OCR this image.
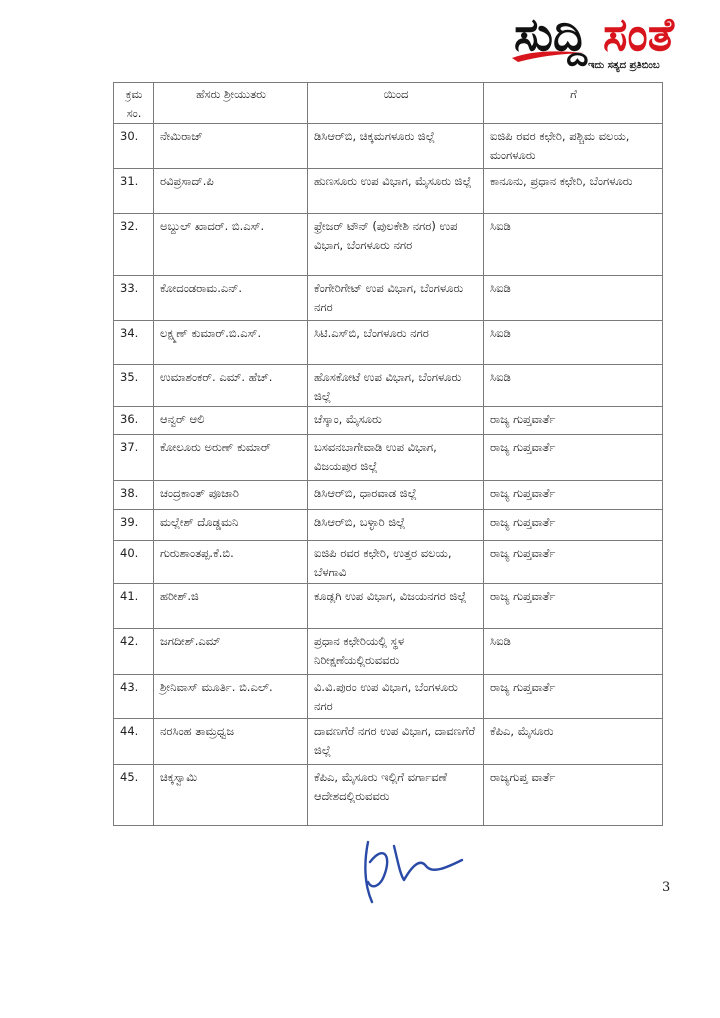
ಸುದ್ದಿ ಸಂತೆ
ಇದು ಸತ್ಯದ ಪ್ರತಿಬಿಂಬ
ಕ್ರಮ ಸಂ.	ಹೆಸರು ಶ್ರೀಯುತರು	ಯಿಂದ	ಗೆ
30.	ನೇಮಿರಾಜ್	ಡಿಸಿಆರ್‌ಬಿ, ಚಿಕ್ಕಮಗಳೂರು ಜಿಲ್ಲೆ	ಐಜಿಪಿ ರವರ ಕಛೇರಿ, ಪಶ್ಚಿಮ ವಲಯ, ಮಂಗಳೂರು
31.	ರವಿಪ್ರಸಾದ್.ಪಿ	ಹುಣಸೂರು ಉಪ ವಿಭಾಗ, ಮೈಸೂರು ಜಿಲ್ಲೆ	ಕಾನೂನು, ಪ್ರಧಾನ ಕಛೇರಿ, ಬೆಂಗಳೂರು
32.	ಅಬ್ದುಲ್ ಖಾದರ್. ಬಿ.ಎಸ್.	ಫ್ರೇಜರ್ ಟೌನ್ (ಪುಲಕೇಶಿ ನಗರ) ಉಪ ವಿಭಾಗ, ಬೆಂಗಳೂರು ನಗರ	ಸಿಐಡಿ
33.	ಕೋದಂಡರಾಮ.ಎನ್.	ಕೆಂಗೇರಿಗೇಟ್ ಉಪ ವಿಭಾಗ, ಬೆಂಗಳೂರು ನಗರ	ಸಿಐಡಿ
34.	ಲಕ್ಷ್ಮಣ್ ಕುಮಾರ್.ಬಿ.ಎಸ್.	ಸಿಟಿ.ಎಸ್‌ಬಿ, ಬೆಂಗಳೂರು ನಗರ	ಸಿಐಡಿ
35.	ಉಮಾಶಂಕರ್. ಎಮ್. ಹೆಚ್.	ಹೊಸಕೋಟೆ ಉಪ ವಿಭಾಗ, ಬೆಂಗಳೂರು ಜಿಲ್ಲೆ	ಸಿಐಡಿ
36.	ಆನ್ವರ್ ಆಲಿ	ಚೆಸ್ಕಾಂ, ಮೈಸೂರು	ರಾಜ್ಯ ಗುಪ್ತವಾರ್ತೆ
37.	ಕೋಲೂರು ಅರುಣ್ ಕುಮಾರ್	ಬಸವನಬಾಗೇವಾಡಿ ಉಪ ವಿಭಾಗ, ವಿಜಯಪುರ ಜಿಲ್ಲೆ	ರಾಜ್ಯ ಗುಪ್ತವಾರ್ತೆ
38.	ಚಂದ್ರಕಾಂತ್ ಪೂಜಾರಿ	ಡಿಸಿಆರ್‌ಬಿ, ಧಾರವಾಡ ಜಿಲ್ಲೆ	ರಾಜ್ಯ ಗುಪ್ತವಾರ್ತೆ
39.	ಮಲ್ಲೇಶ್ ದೊಡ್ಡಮನಿ	ಡಿಸಿಆರ್‌ಬಿ, ಬಳ್ಳಾರಿ ಜಿಲ್ಲೆ	ರಾಜ್ಯ ಗುಪ್ತವಾರ್ತೆ
40.	ಗುರುಶಾಂತಪ್ಪ.ಕೆ.ಬಿ.	ಐಜಿಪಿ ರವರ ಕಛೇರಿ, ಉತ್ತರ ವಲಯ, ಬೆಳಗಾವಿ	ರಾಜ್ಯ ಗುಪ್ತವಾರ್ತೆ
41.	ಹರೀಶ್.ಜಿ	ಕೂಡ್ಲಗಿ ಉಪ ವಿಭಾಗ, ವಿಜಯನಗರ ಜಿಲ್ಲೆ	ರಾಜ್ಯ ಗುಪ್ತವಾರ್ತೆ
42.	ಜಗದೀಶ್.ಎಮ್	ಪ್ರಧಾನ ಕಛೇರಿಯಲ್ಲಿ ಸ್ಥಳ ನಿರೀಕ್ಷಣೆಯಲ್ಲಿರುವವರು	ಸಿಐಡಿ
43.	ಶ್ರೀನಿವಾಸ್ ಮೂರ್ತಿ. ಬಿ.ಎಲ್.	ವಿ.ವಿ.ಪುರಂ ಉಪ ವಿಭಾಗ, ಬೆಂಗಳೂರು ನಗರ	ರಾಜ್ಯ ಗುಪ್ತವಾರ್ತೆ
44.	ನರಸಿಂಹ ತಾಮ್ರಧ್ವಜ	ದಾವಣಗೆರೆ ನಗರ ಉಪ ವಿಭಾಗ, ದಾವಣಗೆರೆ ಜಿಲ್ಲೆ	ಕೆಪಿಎ, ಮೈಸೂರು
45.	ಚಿಕ್ಕಸ್ವಾಮಿ	ಕೆಪಿಎ, ಮೈಸೂರು ಇಲ್ಲಿಗೆ ವರ್ಗಾವಣೆ ಆದೇಶದಲ್ಲಿರುವವರು	ರಾಜ್ಯಗುಪ್ತ ವಾರ್ತೆ
3
